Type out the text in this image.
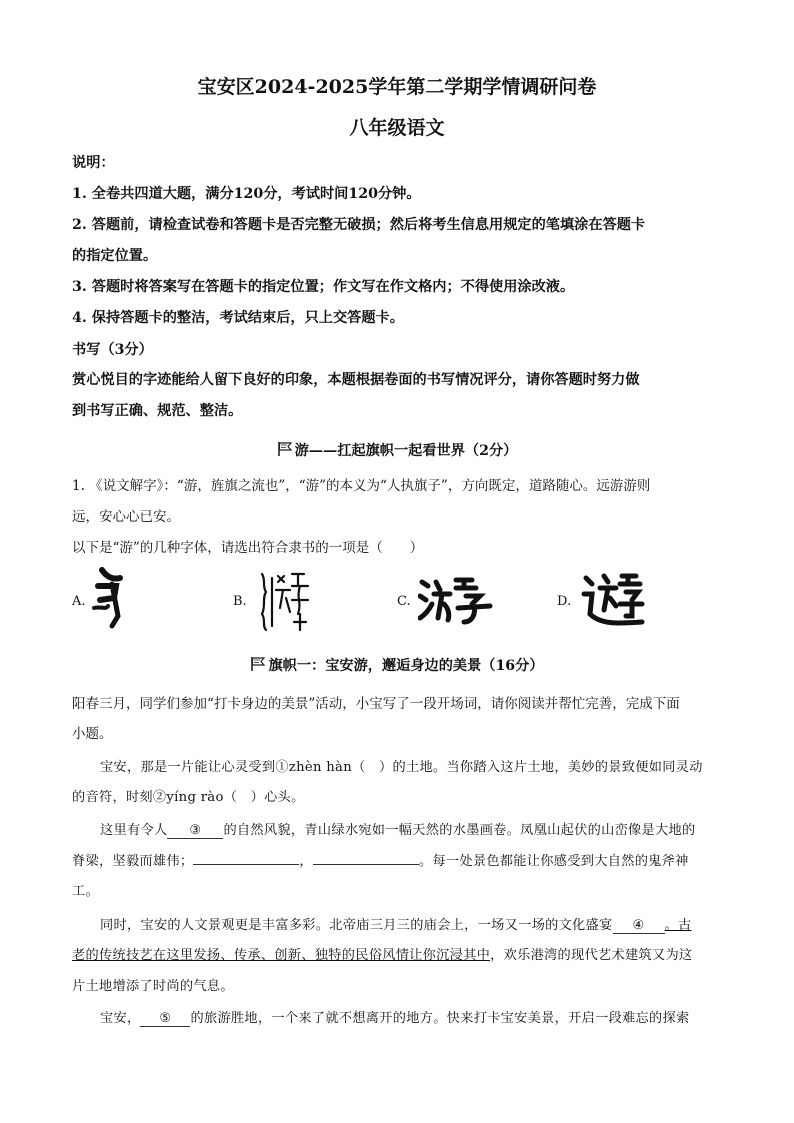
宝安区2024-2025学年第二学期学情调研问卷
八年级语文
说明：
1. 全卷共四道大题，满分120分，考试时间120分钟。
2. 答题前，请检查试卷和答题卡是否完整无破损；然后将考生信息用规定的笔填涂在答题卡
的指定位置。
3. 答题时将答案写在答题卡的指定位置；作文写在作文格内；不得使用涂改液。
4. 保持答题卡的整洁，考试结束后，只上交答题卡。
书写（3分）
赏心悦目的字迹能给人留下良好的印象，本题根据卷面的书写情况评分，请你答题时努力做
到书写正确、规范、整洁。
游——扛起旗帜一起看世界（2分）
1. 《说文解字》：“游，旌旗之流也”，“游”的本义为“人执旗子”，方向既定，道路随心。远游游则
远，安心心已安。
以下是“游”的几种字体，请选出符合隶书的一项是（　　）
A.	B.	C.	D.
旗帜一：宝安游，邂逅身边的美景（16分）
阳春三月，同学们参加“打卡身边的美景”活动，小宝写了一段开场词，请你阅读并帮忙完善，完成下面
小题。
宝安，那是一片能让心灵受到①zhèn hàn（　）的土地。当你踏入这片土地，美妙的景致便如同灵动
的音符，时刻②yíng rào（　）心头。
这里有令人 ③ 的自然风貌，青山绿水宛如一幅天然的水墨画卷。凤凰山起伏的山峦像是大地的
脊梁，坚毅而雄伟；	，	。每一处景色都能让你感受到大自然的鬼斧神
工。
同时，宝安的人文景观更是丰富多彩。北帝庙三月三的庙会上，一场又一场的文化盛宴 ④ 。古
老的传统技艺在这里发扬、传承、创新、独特的民俗风情让你沉浸其中，欢乐港湾的现代艺术建筑又为这
片土地增添了时尚的气息。
宝安， ⑤ 的旅游胜地，一个来了就不想离开的地方。快来打卡宝安美景，开启一段难忘的探索
